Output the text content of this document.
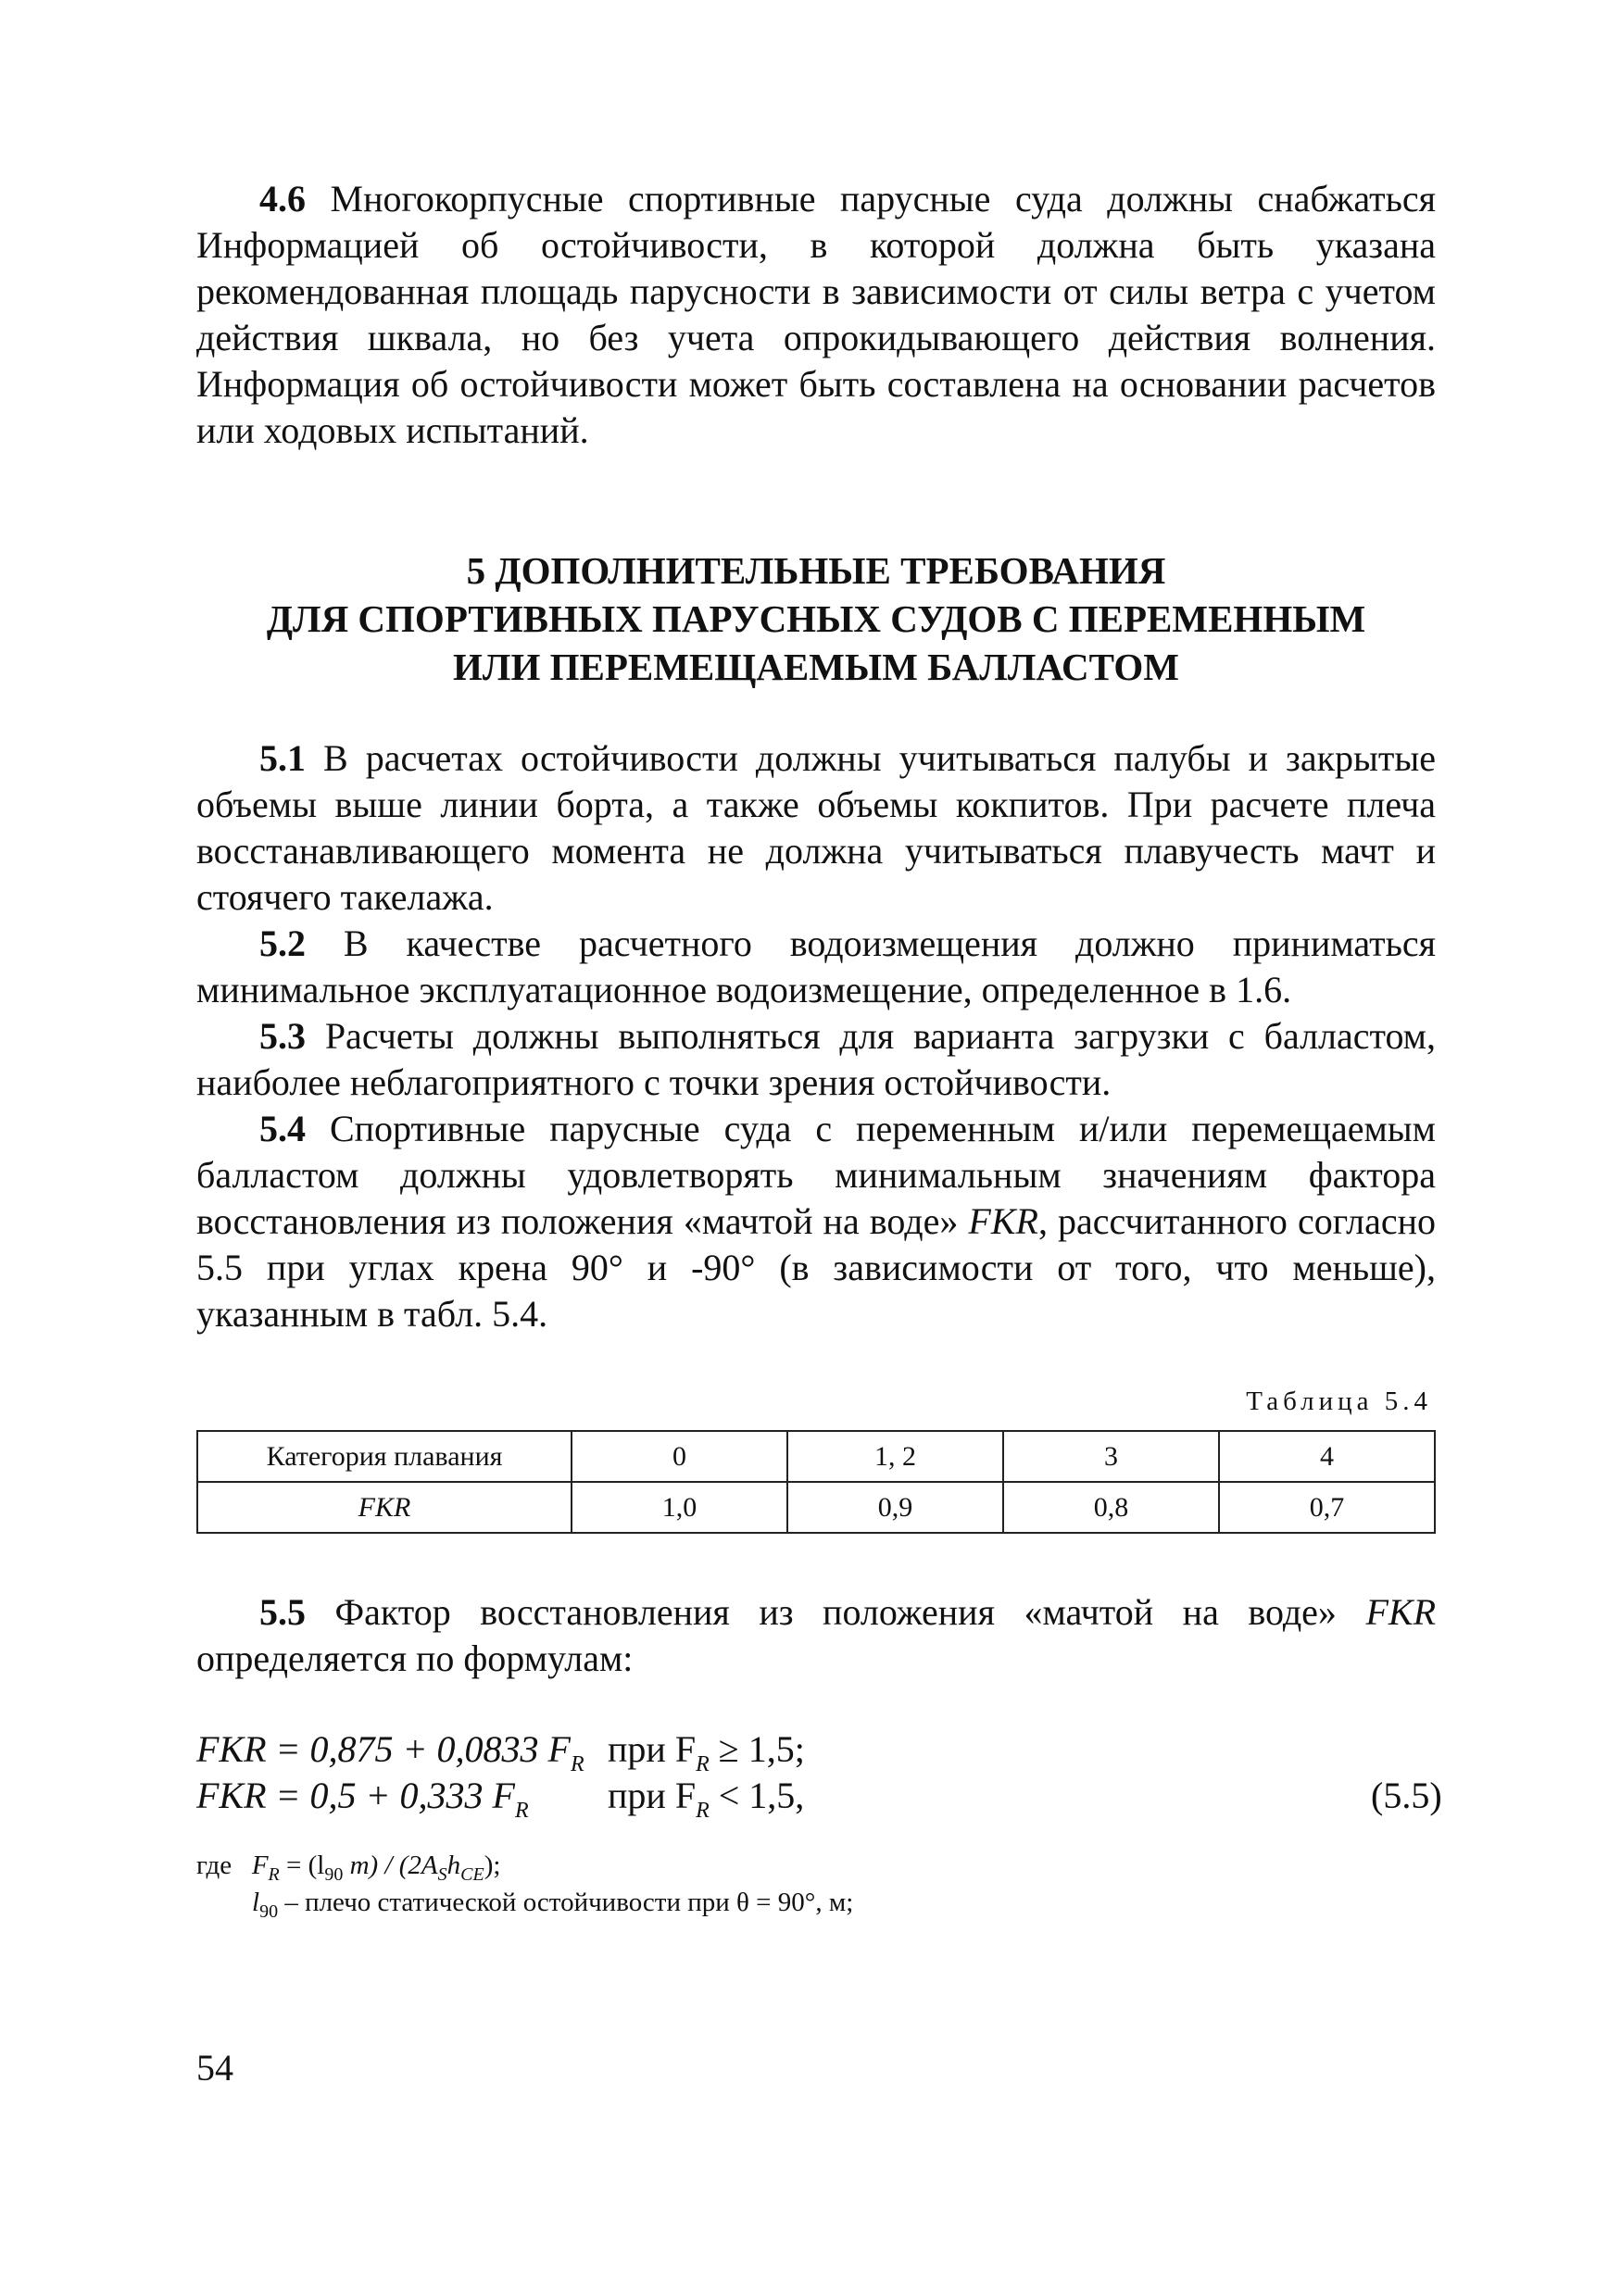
4.6 Многокорпусные спортивные парусные суда должны снабжаться Информацией об остойчивости, в которой должна быть указана рекомендованная площадь парусности в зависимости от силы ветра с учетом действия шквала, но без учета опрокидывающего действия волнения. Информация об остойчивости может быть составлена на основании расчетов или ходовых испытаний.

5 ДОПОЛНИТЕЛЬНЫЕ ТРЕБОВАНИЯ
ДЛЯ СПОРТИВНЫХ ПАРУСНЫХ СУДОВ С ПЕРЕМЕННЫМ
ИЛИ ПЕРЕМЕЩАЕМЫМ БАЛЛАСТОМ

5.1 В расчетах остойчивости должны учитываться палубы и закрытые объемы выше линии борта, а также объемы кокпитов. При расчете плеча восстанавливающего момента не должна учитываться плавучесть мачт и стоячего такелажа.

5.2 В качестве расчетного водоизмещения должно приниматься минимальное эксплуатационное водоизмещение, определенное в 1.6.

5.3 Расчеты должны выполняться для варианта загрузки с балластом, наиболее неблагоприятного с точки зрения остойчивости.

5.4 Спортивные парусные суда с переменным и/или перемещаемым балластом должны удовлетворять минимальным значениям фактора восстановления из положения «мачтой на воде» FKR, рассчитанного согласно 5.5 при углах крена 90° и -90° (в зависимости от того, что меньше), указанным в табл. 5.4.

Таблица 5.4
Категория плавания	0	1, 2	3	4
FKR	1,0	0,9	0,8	0,7

5.5 Фактор восстановления из положения «мачтой на воде» FKR определяется по формулам:

FKR = 0,875 + 0,0833 $F_R$ при $F_R \ge 1,5$;
FKR = 0,5 + 0,333 $F_R$ при $F_R < 1,5$,	(5.5)
где $F_R = (l_{90}$ $m) / (2A_Sh_{CE})$;
$l_{90}$ – плечо статической остойчивости при θ = 90°, м;
54
